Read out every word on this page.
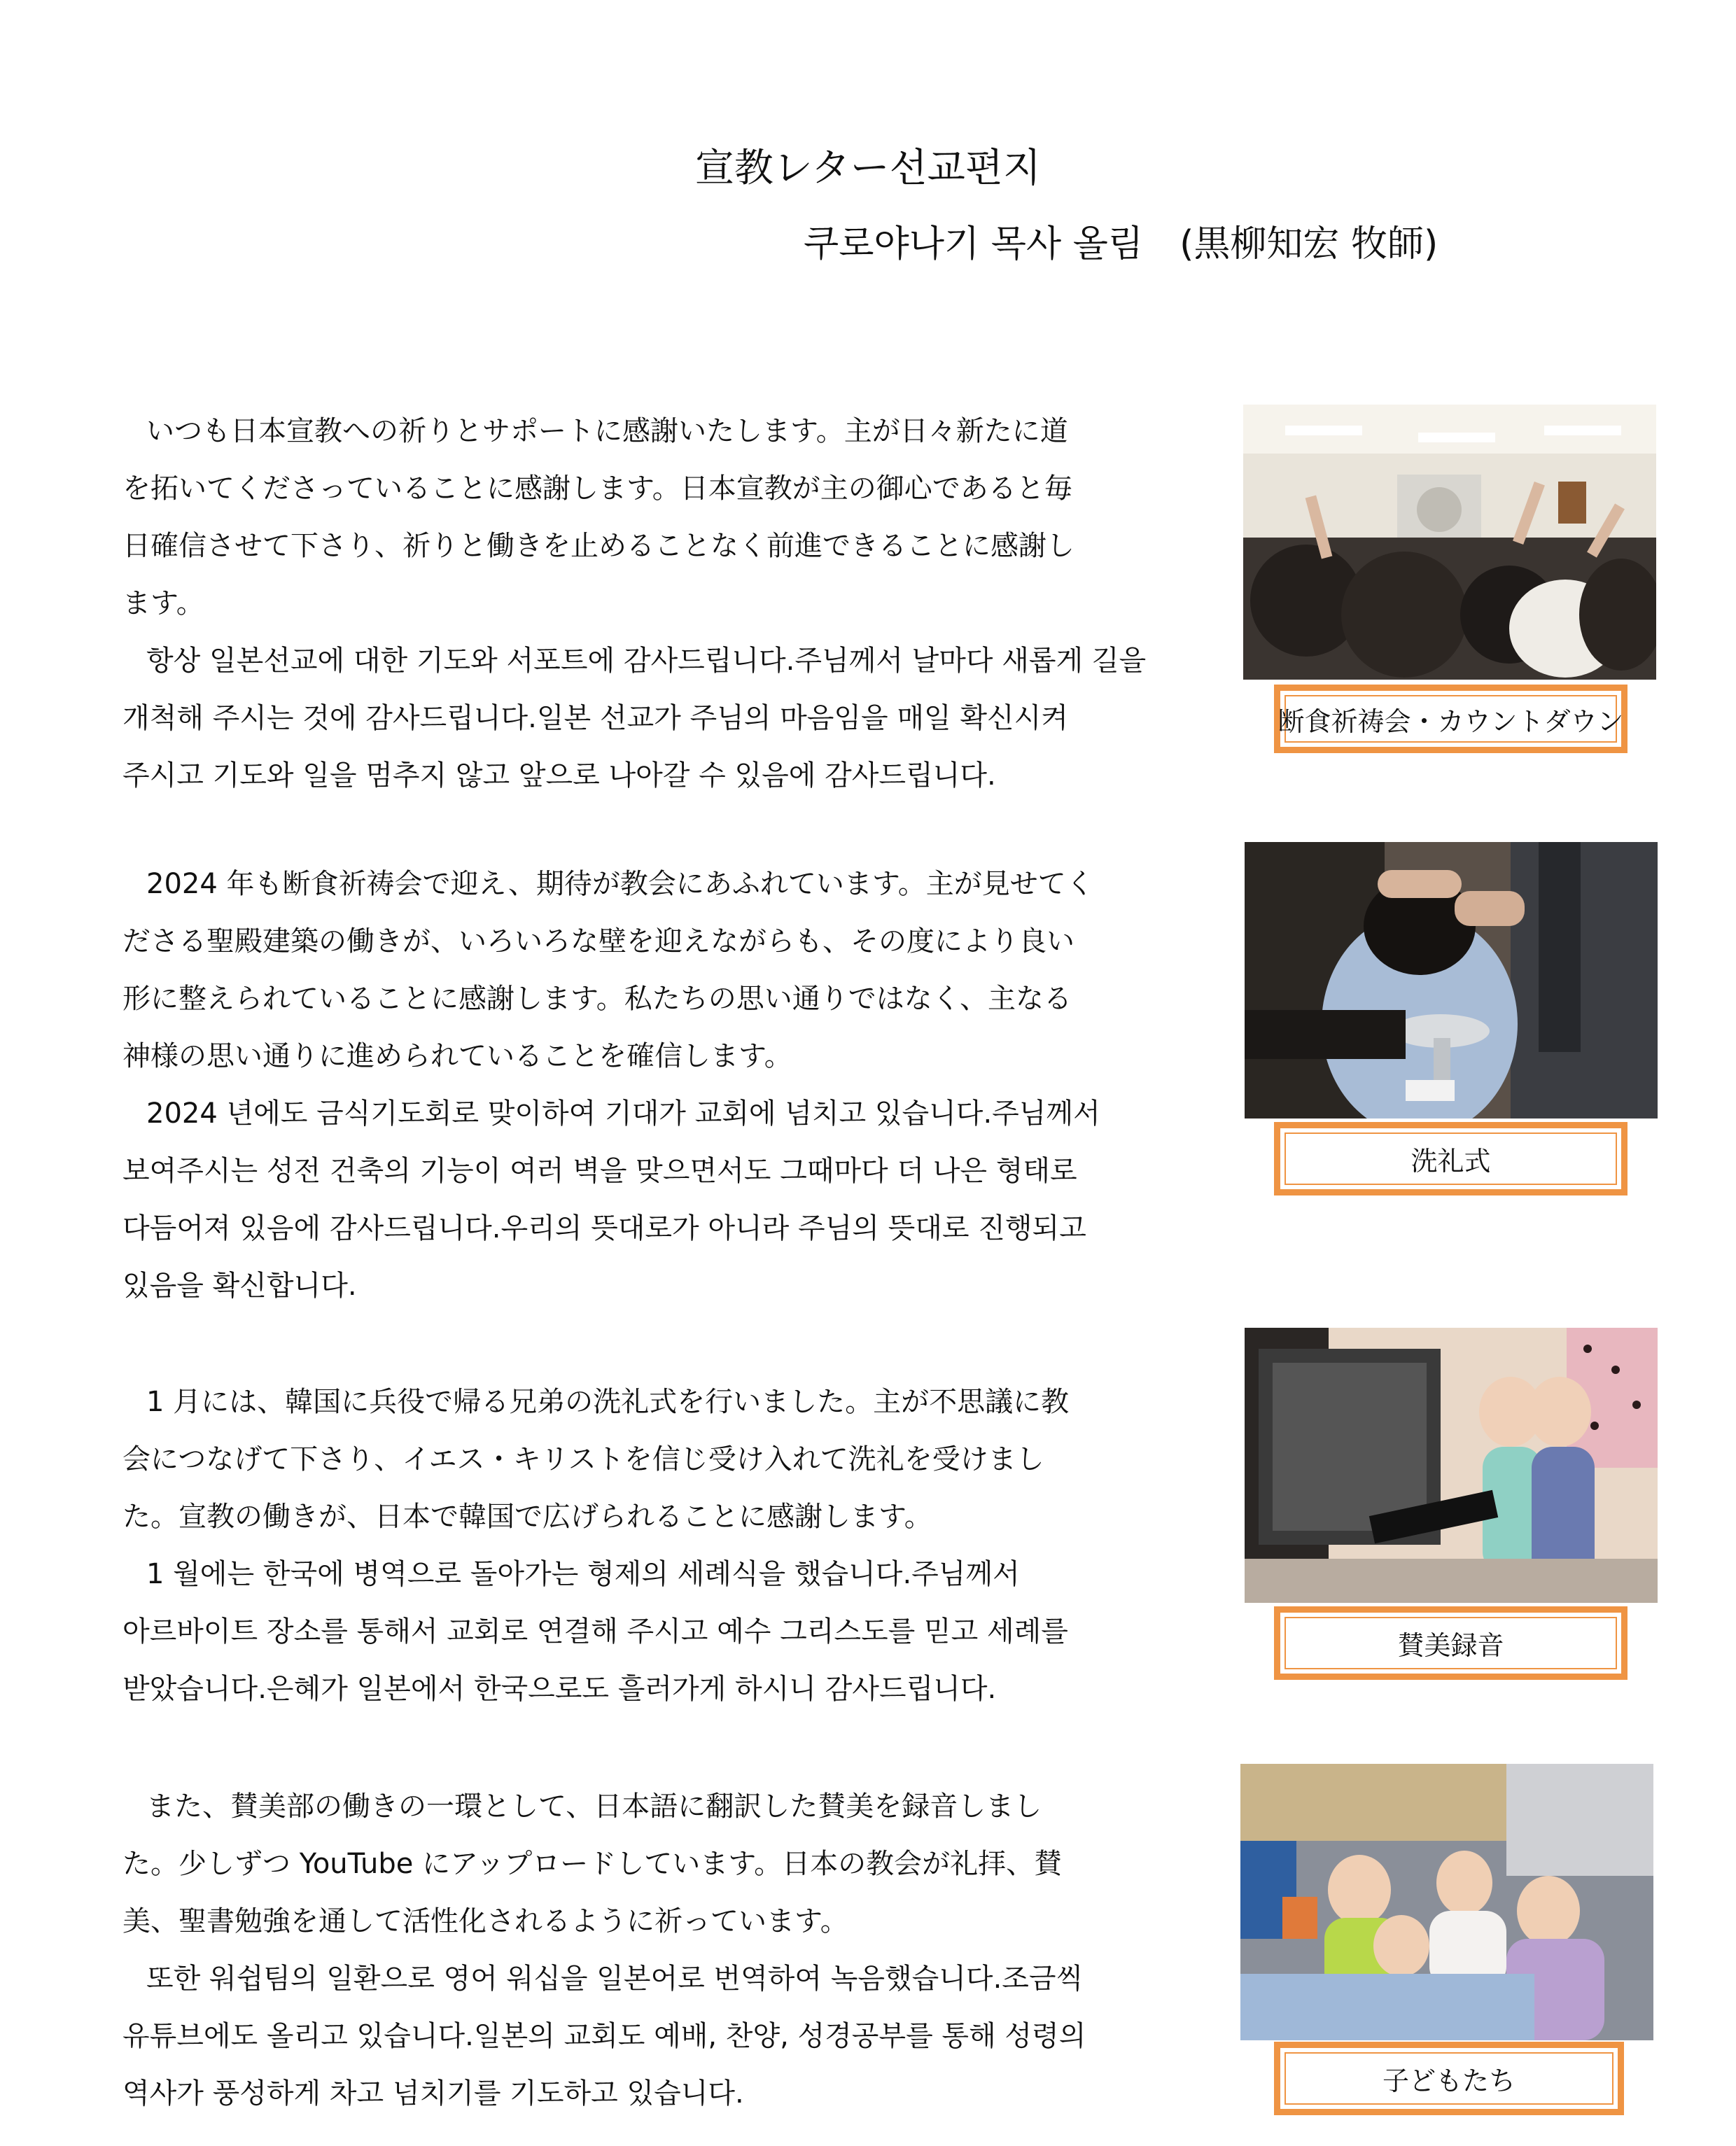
宣教レター선교편지
쿠로야나기 목사 올림　(黒柳知宏 牧師)

いつも日本宣教への祈りとサポートに感謝いたします。主が日々新たに道

を拓いてくださっていることに感謝します。日本宣教が主の御心であると毎

日確信させて下さり、祈りと働きを止めることなく前進できることに感謝し

ます。

항상 일본선교에 대한 기도와 서포트에 감사드립니다.주님께서 날마다 새롭게 길을

개척해 주시는 것에 감사드립니다.일본 선교가 주님의 마음임을 매일 확신시켜

주시고 기도와 일을 멈추지 않고 앞으로 나아갈 수 있음에 감사드립니다.

2024 年も断食祈祷会で迎え、期待が教会にあふれています。主が見せてく

ださる聖殿建築の働きが、いろいろな壁を迎えながらも、その度により良い

形に整えられていることに感謝します。私たちの思い通りではなく、主なる

神様の思い通りに進められていることを確信します。

2024 년에도 금식기도회로 맞이하여 기대가 교회에 넘치고 있습니다.주님께서

보여주시는 성전 건축의 기능이 여러 벽을 맞으면서도 그때마다 더 나은 형태로

다듬어져 있음에 감사드립니다.우리의 뜻대로가 아니라 주님의 뜻대로 진행되고

있음을 확신합니다.

1 月には、韓国に兵役で帰る兄弟の洗礼式を行いました。主が不思議に教

会につなげて下さり、イエス・キリストを信じ受け入れて洗礼を受けまし

た。宣教の働きが、日本で韓国で広げられることに感謝します。

1 월에는 한국에 병역으로 돌아가는 형제의 세례식을 했습니다.주님께서

아르바이트 장소를 통해서 교회로 연결해 주시고 예수 그리스도를 믿고 세례를

받았습니다.은혜가 일본에서 한국으로도 흘러가게 하시니 감사드립니다.

また、賛美部の働きの一環として、日本語に翻訳した賛美を録音しまし

た。少しずつ YouTube にアップロードしています。日本の教会が礼拝、賛

美、聖書勉強を通して活性化されるように祈っています。

또한 워쉽팀의 일환으로 영어 워십을 일본어로 번역하여 녹음했습니다.조금씩

유튜브에도 올리고 있습니다.일본의 교회도 예배, 찬양, 성경공부를 통해 성령의

역사가 풍성하게 차고 넘치기를 기도하고 있습니다.

断食祈祷会・カウントダウン
洗礼式
賛美録音
子どもたち
